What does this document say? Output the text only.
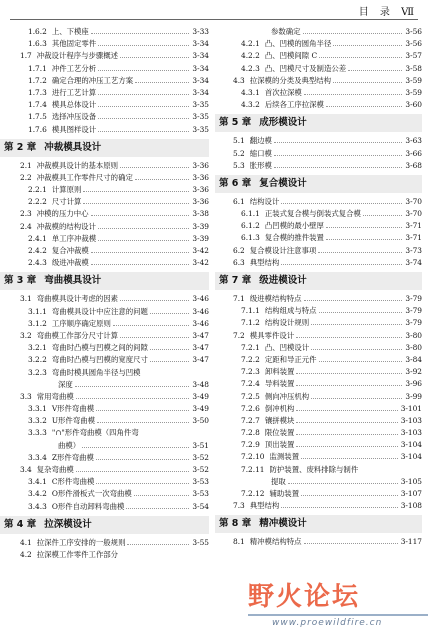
目 录 Ⅶ
1.6.2 上、下模座	3-33
1.6.3 其他固定零件	3-34
1.7 冲裁设计程序与步骤概述	3-34
1.7.1 冲件工艺分析	3-34
1.7.2 确定合理的冲压工艺方案	3-34
1.7.3 进行工艺计算	3-34
1.7.4 模具总体设计	3-35
1.7.5 选择冲压设备	3-35
1.7.6 模具图样设计	3-35
第 2 章 冲裁模具设计
2.1 冲裁模具设计的基本原则	3-36
2.2 冲裁模具工作零件尺寸的确定	3-36
2.2.1 计算原则	3-36
2.2.2 尺寸计算	3-36
2.3 冲模的压力中心	3-38
2.4 冲裁模的结构设计	3-39
2.4.1 单工序冲裁模	3-39
2.4.2 复合冲裁模	3-42
2.4.3 级进冲裁模	3-42
第 3 章 弯曲模具设计
3.1 弯曲模具设计考虑的因素	3-46
3.1.1 弯曲模具设计中应注意的问题	3-46
3.1.2 工序顺序确定原则	3-46
3.2 弯曲模工作部分尺寸计算	3-47
3.2.1 弯曲时凸模与凹模之间的间隙	3-47
3.2.2 弯曲时凸模与凹模的宽度尺寸	3-47
3.2.3 弯曲时模具圆角半径与凹模
深度	3-48
3.3 常用弯曲模	3-49
3.3.1 V形件弯曲模	3-49
3.3.2 U形件弯曲模	3-50
3.3.3 "∩"形件弯曲模（四角件弯
曲模）	3-51
3.3.4 Z形件弯曲模	3-52
3.4 复杂弯曲模	3-52
3.4.1 C形件弯曲模	3-53
3.4.2 O形件滑板式一次弯曲模	3-53
3.4.3 O形件自动卸料弯曲模	3-54
第 4 章 拉深模设计
4.1 拉深件工序安排的一般规则	3-55
4.2 拉深模工作零件工作部分
参数确定	3-56
4.2.1 凸、凹模的圆角半径	3-56
4.2.2 凸、凹模间隙 C	3-57
4.2.3 凸、凹模尺寸及制造公差	3-58
4.3 拉深模的分类及典型结构	3-59
4.3.1 首次拉深模	3-59
4.3.2 后续各工序拉深模	3-60
第 5 章 成形模设计
5.1 翻边模	3-63
5.2 缩口模	3-66
5.3 胀形模	3-68
第 6 章 复合模设计
6.1 结构设计	3-70
6.1.1 正装式复合模与倒装式复合模	3-70
6.1.2 凸凹模的最小壁厚	3-71
6.1.3 复合模的推件装置	3-71
6.2 复合模设计注意事项	3-73
6.3 典型结构	3-74
第 7 章 级进模设计
7.1 级进模结构特点	3-79
7.1.1 结构组成与特点	3-79
7.1.2 结构设计规则	3-79
7.2 模具零件设计	3-80
7.2.1 凸、凹模设计	3-80
7.2.2 定距和导正元件	3-84
7.2.3 卸料装置	3-92
7.2.4 导料装置	3-96
7.2.5 侧向冲压机构	3-99
7.2.6 倒冲机构	3-101
7.2.7 镶拼模块	3-103
7.2.8 限位装置	3-103
7.2.9 顶出装置	3-104
7.2.10 监测装置	3-104
7.2.11 防护装置、废料排除与制件
提取	3-105
7.2.12 辅助装置	3-107
7.3 典型结构	3-108
第 8 章 精冲模设计
8.1 精冲模结构特点	3-117
野火论坛
www.proewildfire.cn
